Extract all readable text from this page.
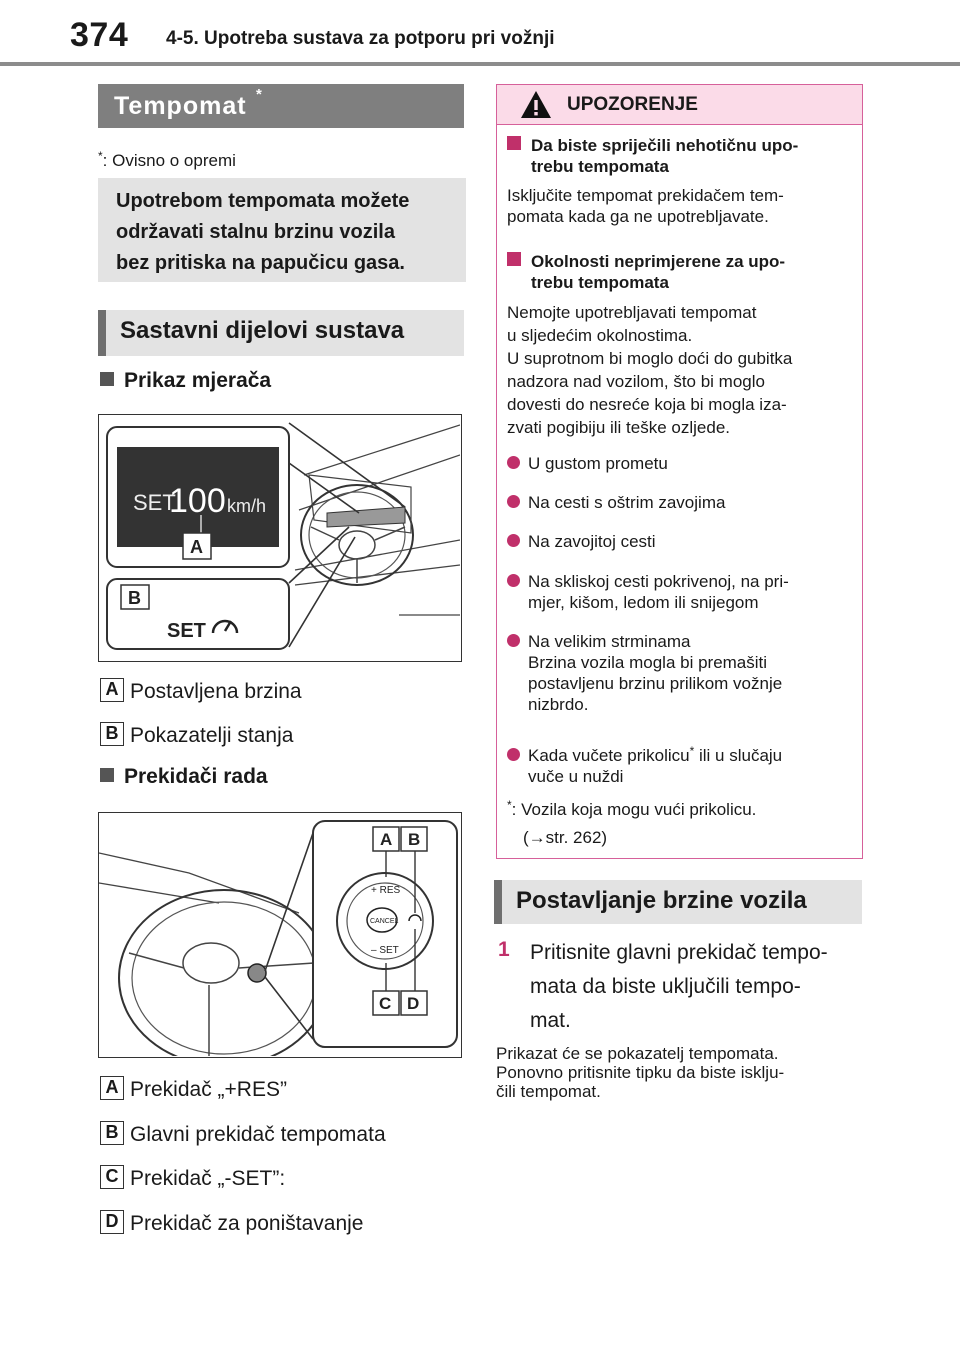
374 4-5. Upotreba sustava za potporu pri vožnji
Tempomat *
*: Ovisno o opremi
Upotrebom tempomata možete
održavati stalnu brzinu vozila
bez pritiska na papučicu gasa.
Sastavni dijelovi sustava
Prikaz mjerača
SET
100 km/h
A
B
SET
A Postavljena brzina
B Pokazatelji stanja
Prekidači rada
+ RES
CANCEL
– SET
A B
C D
A Prekidač „+RES”
B Glavni prekidač tempomata
C Prekidač „-SET”:
D Prekidač za poništavanje
UPOZORENJE
Da biste spriječili nehotičnu upo-
trebu tempomata
Isključite tempomat prekidačem tem-
pomata kada ga ne upotrebljavate.
Okolnosti neprimjerene za upo-
trebu tempomata
Nemojte upotrebljavati tempomat
u sljedećim okolnostima.
U suprotnom bi moglo doći do gubitka
nadzora nad vozilom, što bi moglo
dovesti do nesreće koja bi mogla iza-
zvati pogibiju ili teške ozljede.
U gustom prometu
Na cesti s oštrim zavojima
Na zavojitoj cesti
Na skliskoj cesti pokrivenoj, na pri-
mjer, kišom, ledom ili snijegom
Na velikim strminama
Brzina vozila mogla bi premašiti
postavljenu brzinu prilikom vožnje
nizbrdo.
Kada vučete prikolicu* ili u slučaju
vuče u nuždi
*: Vozila koja mogu vući prikolicu.
(→str. 262)
Postavljanje brzine vozila
1 Pritisnite glavni prekidač tempo-
mata da biste uključili tempo-
mat.
Prikazat će se pokazatelj tempomata.
Ponovno pritisnite tipku da biste isklju-
čili tempomat.
